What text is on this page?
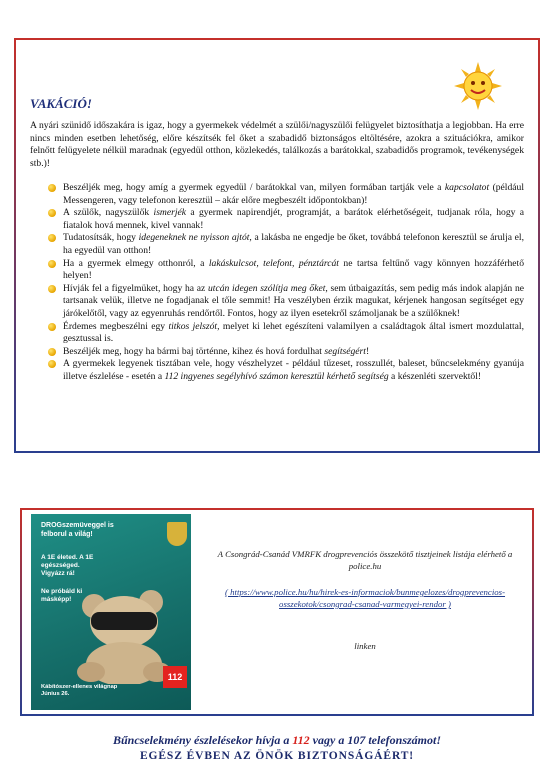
VAKÁCIÓ!
A nyári szünidő időszakára is igaz, hogy a gyermekek védelmét a szülői/nagyszülői felügyelet biztosíthatja a legjobban. Ha erre nincs minden esetben lehetőség, előre készítsék fel őket a szabadidő biztonságos eltöltésére, azokra a szituációkra, amikor felnőtt felügyelete nélkül maradnak (egyedül otthon, közlekedés, találkozás a barátokkal, szabadidős programok, tevékenységek stb.)!
Beszéljék meg, hogy amíg a gyermek egyedül / barátokkal van, milyen formában tartják vele a kapcsolatot (például Messengeren, vagy telefonon keresztül – akár előre megbeszélt időpontokban)!
A szülők, nagyszülők ismerjék a gyermek napirendjét, programját, a barátok elérhetőségeit, tudjanak róla, hogy a fiatalok hová mennek, kivel vannak!
Tudatosítsák, hogy idegeneknek ne nyisson ajtót, a lakásba ne engedje be őket, továbbá telefonon keresztül se árulja el, ha egyedül van otthon!
Ha a gyermek elmegy otthonról, a lakáskulcsot, telefont, pénztárcát ne tartsa feltűnő vagy könnyen hozzáférhető helyen!
Hívják fel a figyelmüket, hogy ha az utcán idegen szólítja meg őket, sem útbaigazítás, sem pedig más indok alapján ne tartsanak velük, illetve ne fogadjanak el tőle semmit! Ha veszélyben érzik magukat, kérjenek hangosan segítséget egy járókelőtől, vagy az egyenruhás rendőrtől. Fontos, hogy az ilyen esetekről számoljanak be a szülőknek!
Érdemes megbeszélni egy titkos jelszót, melyet ki lehet egészíteni valamilyen a családtagok által ismert mozdulattal, gesztussal is.
Beszéljék meg, hogy ha bármi baj történne, kihez és hová fordulhat segítségért!
A gyermekek legyenek tisztában vele, hogy vészhelyzet - például tűzeset, rosszullét, baleset, bűncselekmény gyanúja illetve észlelése - esetén a 112 ingyenes segélyhívó számon keresztül kérhető segítség a készenléti szervektől!
DROGszemüveggel is felborul a világ!
A 1E életed. A 1E egészséged. Vigyázz rá!
Ne próbáld ki másképp!
Kábítószer-ellenes világnap Június 26.
112
A Csongrád-Csanád VMRFK drogprevenciós összekötő tisztjeinek listája elérhető a police.hu
( https://www.police.hu/hu/hirek-es-informaciok/bunmegelozes/drogprevencios-osszekotok/csongrad-csanad-varmegyei-rendor )
linken
Bűncselekmény észlelésekor hívja a 112 vagy a 107 telefonszámot!
EGÉSZ ÉVBEN AZ ÖNÖK BIZTONSÁGÁÉRT!
